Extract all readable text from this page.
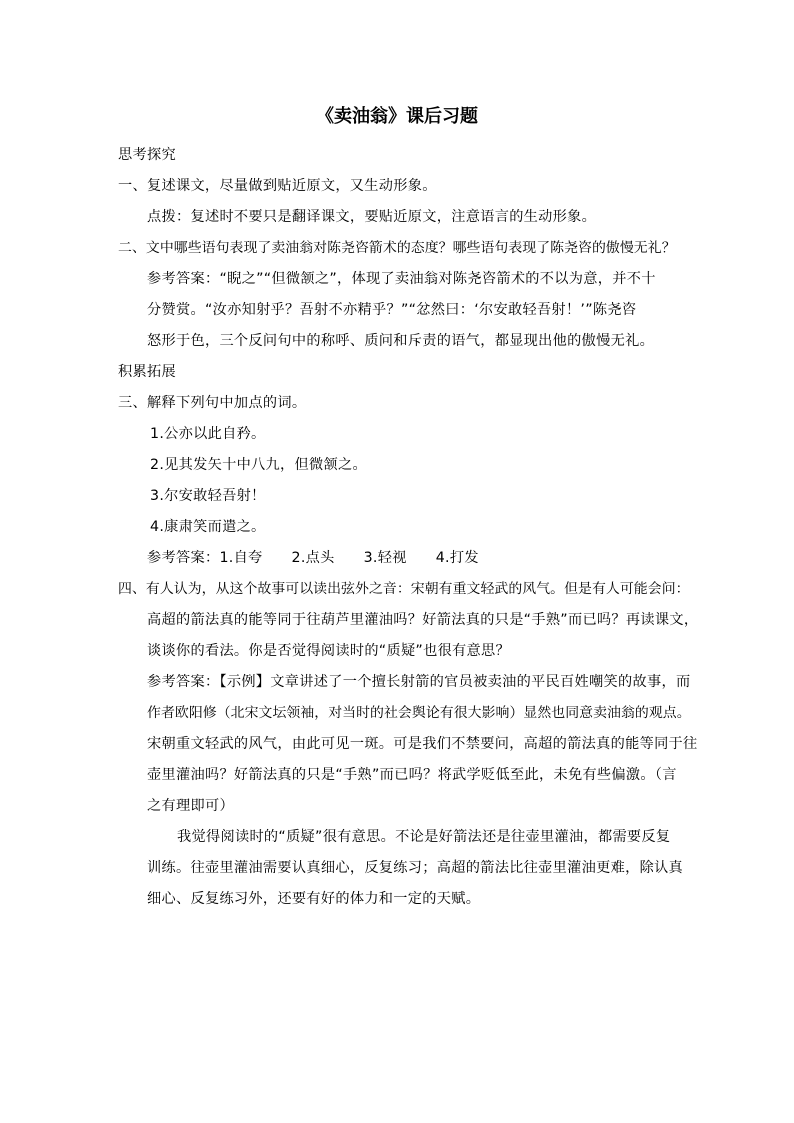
《卖油翁》课后习题
思考探究
一、复述课文，尽量做到贴近原文，又生动形象。
点拨：复述时不要只是翻译课文，要贴近原文，注意语言的生动形象。
二、文中哪些语句表现了卖油翁对陈尧咨箭术的态度？哪些语句表现了陈尧咨的傲慢无礼？
参考答案：“睨之”“但微颔之”，体现了卖油翁对陈尧咨箭术的不以为意，并不十
分赞赏。“汝亦知射乎？吾射不亦精乎？”“忿然曰：‘尔安敢轻吾射！’”陈尧咨
怒形于色，三个反问句中的称呼、质问和斥责的语气，都显现出他的傲慢无礼。
积累拓展
三、解释下列句中加点的词。
1.公亦以此自矜。
2.见其发矢十中八九，但微颔之。
3.尔安敢轻吾射！
4.康肃笑而遣之。
参考答案：1.自夸　　2.点头　　3.轻视　　4.打发
四、有人认为，从这个故事可以读出弦外之音：宋朝有重文轻武的风气。但是有人可能会问：
高超的箭法真的能等同于往葫芦里灌油吗？好箭法真的只是“手熟”而已吗？再读课文，
谈谈你的看法。你是否觉得阅读时的“质疑”也很有意思？
参考答案：【示例】文章讲述了一个擅长射箭的官员被卖油的平民百姓嘲笑的故事，而
作者欧阳修（北宋文坛领袖，对当时的社会舆论有很大影响）显然也同意卖油翁的观点。
宋朝重文轻武的风气，由此可见一斑。可是我们不禁要问，高超的箭法真的能等同于往
壶里灌油吗？好箭法真的只是“手熟”而已吗？将武学贬低至此，未免有些偏激。（言
之有理即可）
我觉得阅读时的“质疑”很有意思。不论是好箭法还是往壶里灌油，都需要反复
训练。往壶里灌油需要认真细心，反复练习；高超的箭法比往壶里灌油更难，除认真
细心、反复练习外，还要有好的体力和一定的天赋。
